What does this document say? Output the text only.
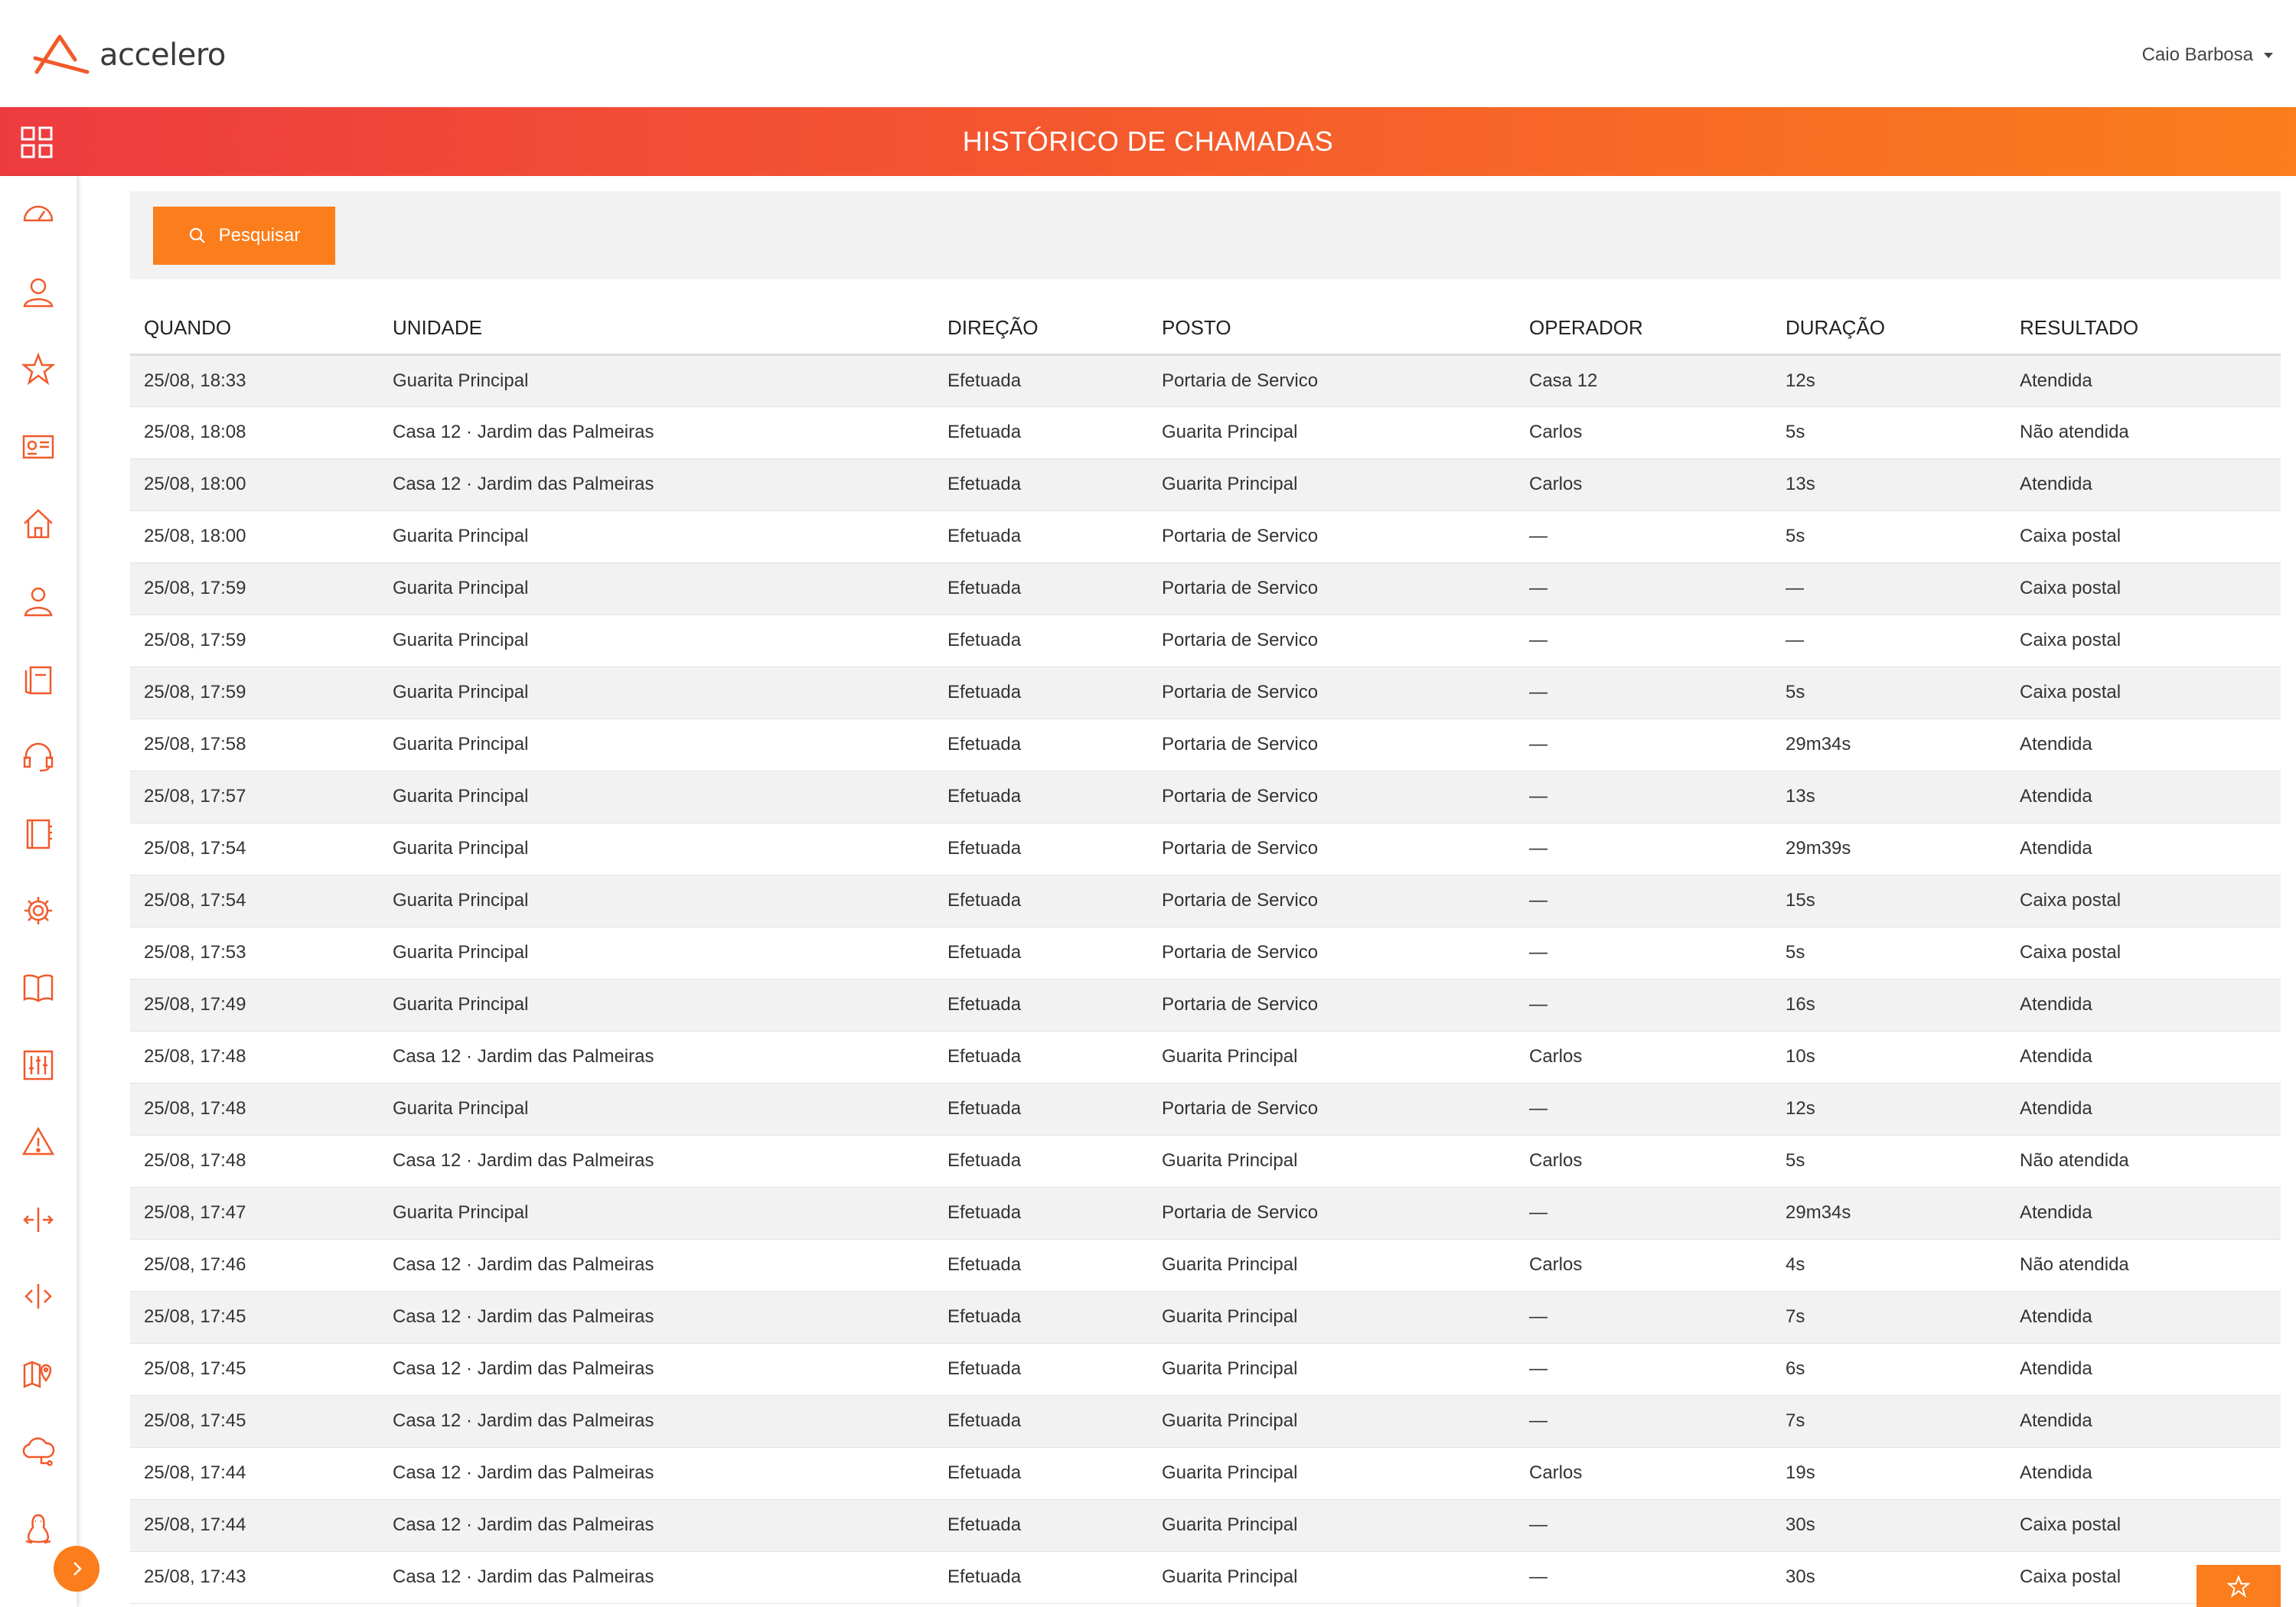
accelero	Caio Barbosa
HISTÓRICO DE CHAMADAS
Pesquisar
QUANDO	UNIDADE	DIREÇÃO	POSTO	OPERADOR	DURAÇÃO	RESULTADO
25/08, 18:33	Guarita Principal	Efetuada	Portaria de Servico	Casa 12	12s	Atendida
25/08, 18:08	Casa 12 · Jardim das Palmeiras	Efetuada	Guarita Principal	Carlos	5s	Não atendida
25/08, 18:00	Casa 12 · Jardim das Palmeiras	Efetuada	Guarita Principal	Carlos	13s	Atendida
25/08, 18:00	Guarita Principal	Efetuada	Portaria de Servico	—	5s	Caixa postal
25/08, 17:59	Guarita Principal	Efetuada	Portaria de Servico	—	—	Caixa postal
25/08, 17:59	Guarita Principal	Efetuada	Portaria de Servico	—	—	Caixa postal
25/08, 17:59	Guarita Principal	Efetuada	Portaria de Servico	—	5s	Caixa postal
25/08, 17:58	Guarita Principal	Efetuada	Portaria de Servico	—	29m34s	Atendida
25/08, 17:57	Guarita Principal	Efetuada	Portaria de Servico	—	13s	Atendida
25/08, 17:54	Guarita Principal	Efetuada	Portaria de Servico	—	29m39s	Atendida
25/08, 17:54	Guarita Principal	Efetuada	Portaria de Servico	—	15s	Caixa postal
25/08, 17:53	Guarita Principal	Efetuada	Portaria de Servico	—	5s	Caixa postal
25/08, 17:49	Guarita Principal	Efetuada	Portaria de Servico	—	16s	Atendida
25/08, 17:48	Casa 12 · Jardim das Palmeiras	Efetuada	Guarita Principal	Carlos	10s	Atendida
25/08, 17:48	Guarita Principal	Efetuada	Portaria de Servico	—	12s	Atendida
25/08, 17:48	Casa 12 · Jardim das Palmeiras	Efetuada	Guarita Principal	Carlos	5s	Não atendida
25/08, 17:47	Guarita Principal	Efetuada	Portaria de Servico	—	29m34s	Atendida
25/08, 17:46	Casa 12 · Jardim das Palmeiras	Efetuada	Guarita Principal	Carlos	4s	Não atendida
25/08, 17:45	Casa 12 · Jardim das Palmeiras	Efetuada	Guarita Principal	—	7s	Atendida
25/08, 17:45	Casa 12 · Jardim das Palmeiras	Efetuada	Guarita Principal	—	6s	Atendida
25/08, 17:45	Casa 12 · Jardim das Palmeiras	Efetuada	Guarita Principal	—	7s	Atendida
25/08, 17:44	Casa 12 · Jardim das Palmeiras	Efetuada	Guarita Principal	Carlos	19s	Atendida
25/08, 17:44	Casa 12 · Jardim das Palmeiras	Efetuada	Guarita Principal	—	30s	Caixa postal
25/08, 17:43	Casa 12 · Jardim das Palmeiras	Efetuada	Guarita Principal	—	30s	Caixa postal
